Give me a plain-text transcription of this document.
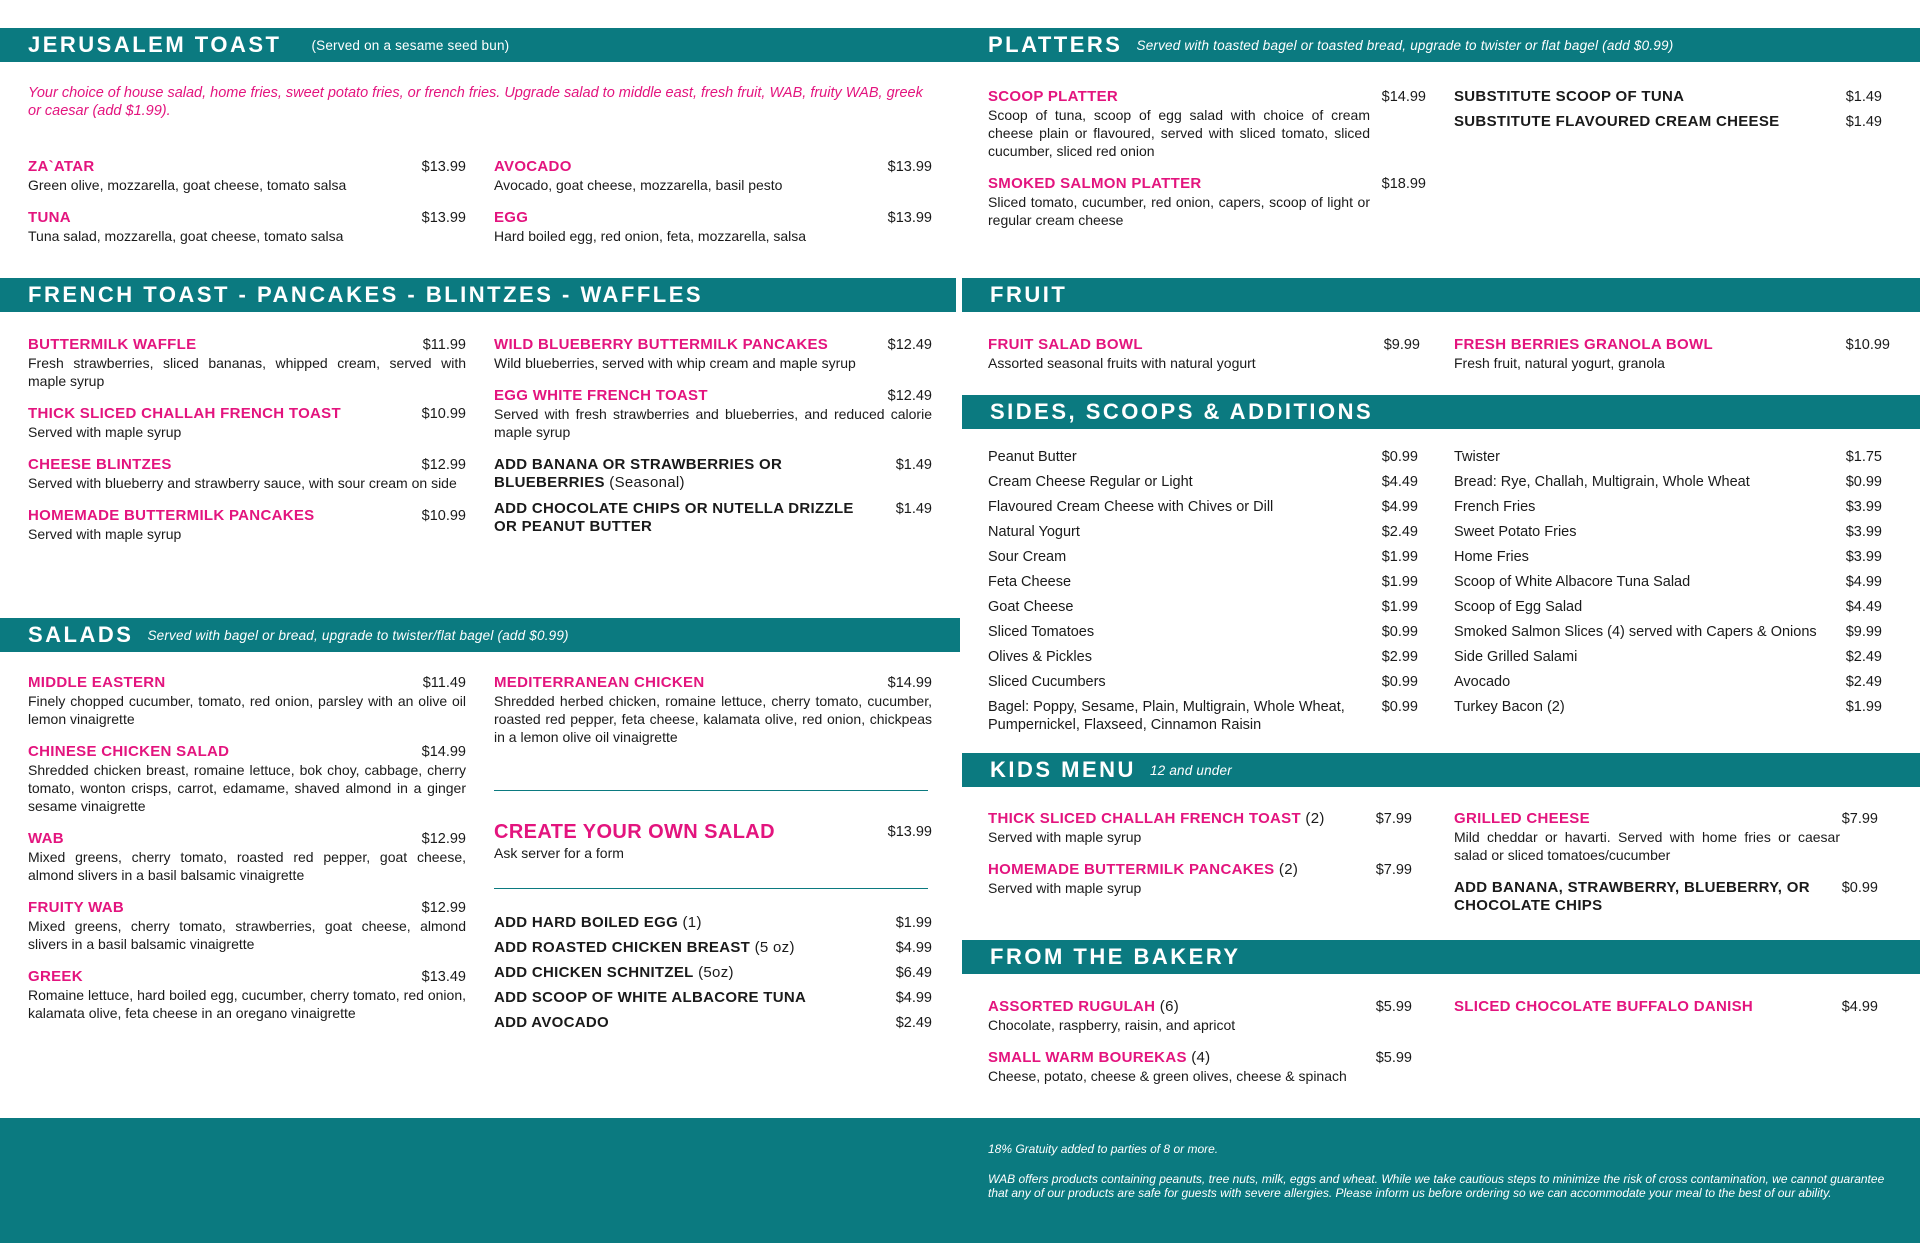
JERUSALEM TOAST (Served on a sesame seed bun)
Your choice of house salad, home fries, sweet potato fries, or french fries. Upgrade salad to middle east, fresh fruit, WAB, fruity WAB, greek or caesar (add $1.99).
ZA`ATAR	$13.99
Green olive, mozzarella, goat cheese, tomato salsa
TUNA	$13.99
Tuna salad, mozzarella, goat cheese, tomato salsa
AVOCADO	$13.99
Avocado, goat cheese, mozzarella, basil pesto
EGG	$13.99
Hard boiled egg, red onion, feta, mozzarella, salsa
FRENCH TOAST - PANCAKES - BLINTZES - WAFFLES
BUTTERMILK WAFFLE	$11.99
Fresh strawberries, sliced bananas, whipped cream, served with maple syrup
THICK SLICED CHALLAH FRENCH TOAST	$10.99
Served with maple syrup
CHEESE BLINTZES	$12.99
Served with blueberry and strawberry sauce, with sour cream on side
HOMEMADE BUTTERMILK PANCAKES	$10.99
Served with maple syrup
WILD BLUEBERRY BUTTERMILK PANCAKES	$12.49
Wild blueberries, served with whip cream and maple syrup
EGG WHITE FRENCH TOAST	$12.49
Served with fresh strawberries and blueberries, and reduced calorie maple syrup
ADD BANANA OR STRAWBERRIES OR BLUEBERRIES (Seasonal)
$1.49
ADD CHOCOLATE CHIPS OR NUTELLA DRIZZLE OR PEANUT BUTTER
$1.49
SALADS Served with bagel or bread, upgrade to twister/flat bagel (add $0.99)
MIDDLE EASTERN	$11.49
Finely chopped cucumber, tomato, red onion, parsley with an olive oil lemon vinaigrette
CHINESE CHICKEN SALAD	$14.99
Shredded chicken breast, romaine lettuce, bok choy, cabbage, cherry tomato, wonton crisps, carrot, edamame, shaved almond in a ginger sesame vinaigrette
WAB	$12.99
Mixed greens, cherry tomato, roasted red pepper, goat cheese, almond slivers in a basil balsamic vinaigrette
FRUITY WAB	$12.99
Mixed greens, cherry tomato, strawberries, goat cheese, almond slivers in a basil balsamic vinaigrette
GREEK	$13.49
Romaine lettuce, hard boiled egg, cucumber, cherry tomato, red onion, kalamata olive, feta cheese in an oregano vinaigrette
MEDITERRANEAN CHICKEN	$14.99
Shredded herbed chicken, romaine lettuce, cherry tomato, cucumber, roasted red pepper, feta cheese, kalamata olive, red onion, chickpeas in a lemon olive oil vinaigrette
CREATE YOUR OWN SALAD	$13.99
Ask server for a form
ADD HARD BOILED EGG (1)	$1.99
ADD ROASTED CHICKEN BREAST (5 oz)	$4.99
ADD CHICKEN SCHNITZEL (5oz)	$6.49
ADD SCOOP OF WHITE ALBACORE TUNA	$4.99
ADD AVOCADO	$2.49
PLATTERS Served with toasted bagel or toasted bread, upgrade to twister or flat bagel (add $0.99)
SCOOP PLATTER	$14.99
Scoop of tuna, scoop of egg salad with choice of cream cheese plain or flavoured, served with sliced tomato, sliced cucumber, sliced red onion
SMOKED SALMON PLATTER	$18.99
Sliced tomato, cucumber, red onion, capers, scoop of light or regular cream cheese
SUBSTITUTE SCOOP OF TUNA	$1.49
SUBSTITUTE FLAVOURED CREAM CHEESE	$1.49
FRUIT
FRUIT SALAD BOWL	$9.99
Assorted seasonal fruits with natural yogurt
FRESH BERRIES GRANOLA BOWL	$10.99
Fresh fruit, natural yogurt, granola
SIDES, SCOOPS & ADDITIONS
Peanut Butter	$0.99
Cream Cheese Regular or Light	$4.49
Flavoured Cream Cheese with Chives or Dill	$4.99
Natural Yogurt	$2.49
Sour Cream	$1.99
Feta Cheese	$1.99
Goat Cheese	$1.99
Sliced Tomatoes	$0.99
Olives & Pickles	$2.99
Sliced Cucumbers	$0.99
Bagel: Poppy, Sesame, Plain, Multigrain, Whole Wheat, Pumpernickel, Flaxseed, Cinnamon Raisin
$0.99
Twister	$1.75
Bread: Rye, Challah, Multigrain, Whole Wheat	$0.99
French Fries	$3.99
Sweet Potato Fries	$3.99
Home Fries	$3.99
Scoop of White Albacore Tuna Salad	$4.99
Scoop of Egg Salad	$4.49
Smoked Salmon Slices (4) served with Capers & Onions	$9.99
Side Grilled Salami	$2.49
Avocado	$2.49
Turkey Bacon (2)	$1.99
KIDS MENU 12 and under
THICK SLICED CHALLAH FRENCH TOAST (2)	$7.99
Served with maple syrup
HOMEMADE BUTTERMILK PANCAKES (2)	$7.99
Served with maple syrup
GRILLED CHEESE	$7.99
Mild cheddar or havarti. Served with home fries or caesar salad or sliced tomatoes/cucumber
ADD BANANA, STRAWBERRY, BLUEBERRY, OR CHOCOLATE CHIPS
$0.99
FROM THE BAKERY
ASSORTED RUGULAH (6)	$5.99
Chocolate, raspberry, raisin, and apricot
SMALL WARM BOUREKAS (4)	$5.99
Cheese, potato, cheese & green olives, cheese & spinach
SLICED CHOCOLATE BUFFALO DANISH	$4.99
18% Gratuity added to parties of 8 or more.
WAB offers products containing peanuts, tree nuts, milk, eggs and wheat. While we take cautious steps to minimize the risk of cross contamination, we cannot guarantee that any of our products are safe for guests with severe allergies. Please inform us before ordering so we can accommodate your meal to the best of our ability.
